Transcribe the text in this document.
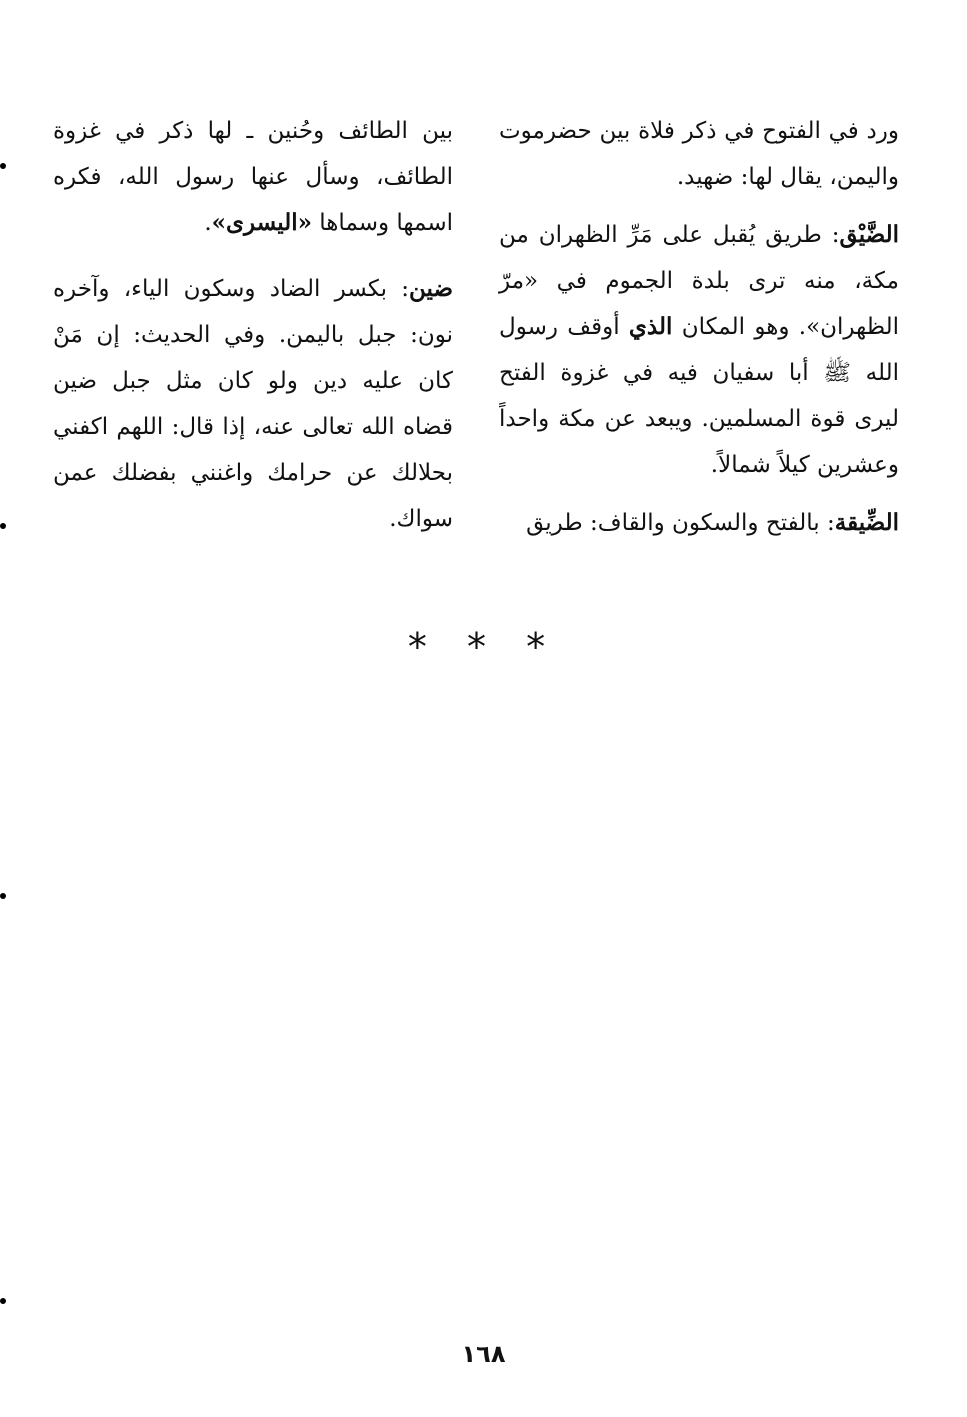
ورد في الفتوح في ذكر فلاة بين حضرموت واليمن، يقال لها: ضهيد.

الضَّيْق: طريق يُقبل على مَرِّ الظهران من مكة، منه ترى بلدة الجموم في «مرّ الظهران». وهو المكان الذي أوقف رسول الله ﷺ أبا سفيان فيه في غزوة الفتح ليرى قوة المسلمين. ويبعد عن مكة واحداً وعشرين كيلاً شمالاً.

الضِّيقة: بالفتح والسكون والقاف: طريق

بين الطائف وحُنين ـ لها ذكر في غزوة الطائف، وسأل عنها رسول الله، فكره اسمها وسماها «اليسرى».

ضين: بكسر الضاد وسكون الياء، وآخره نون: جبل باليمن. وفي الحديث: إن مَنْ كان عليه دين ولو كان مثل جبل ضين قضاه الله تعالى عنه، إذا قال: اللهم اكفني بحلالك عن حرامك واغنني بفضلك عمن سواك.

* * *
١٦٨
